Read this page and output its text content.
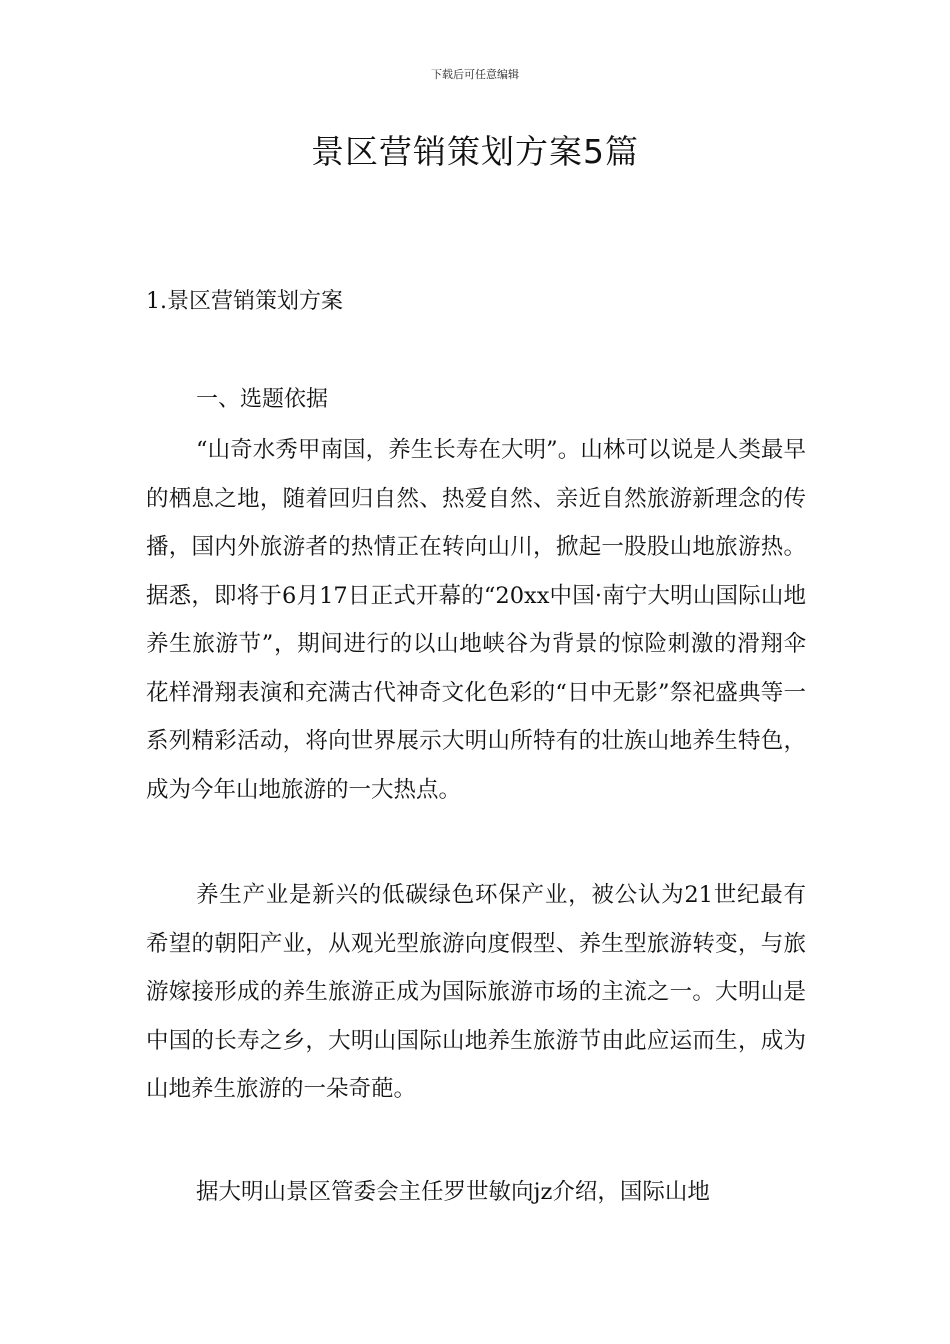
下载后可任意编辑
景区营销策划方案5篇
1.景区营销策划方案
一、选题依据

“山奇水秀甲南国，养生长寿在大明”。山林可以说是人类最早的栖息之地，随着回归自然、热爱自然、亲近自然旅游新理念的传播，国内外旅游者的热情正在转向山川，掀起一股股山地旅游热。据悉，即将于6月17日正式开幕的“20xx中国·南宁大明山国际山地养生旅游节”，期间进行的以山地峡谷为背景的惊险刺激的滑翔伞花样滑翔表演和充满古代神奇文化色彩的“日中无影”祭祀盛典等一系列精彩活动，将向世界展示大明山所特有的壮族山地养生特色，成为今年山地旅游的一大热点。

养生产业是新兴的低碳绿色环保产业，被公认为21世纪最有希望的朝阳产业，从观光型旅游向度假型、养生型旅游转变，与旅游嫁接形成的养生旅游正成为国际旅游市场的主流之一。大明山是中国的长寿之乡，大明山国际山地养生旅游节由此应运而生，成为山地养生旅游的一朵奇葩。

据大明山景区管委会主任罗世敏向jz介绍，国际山地
